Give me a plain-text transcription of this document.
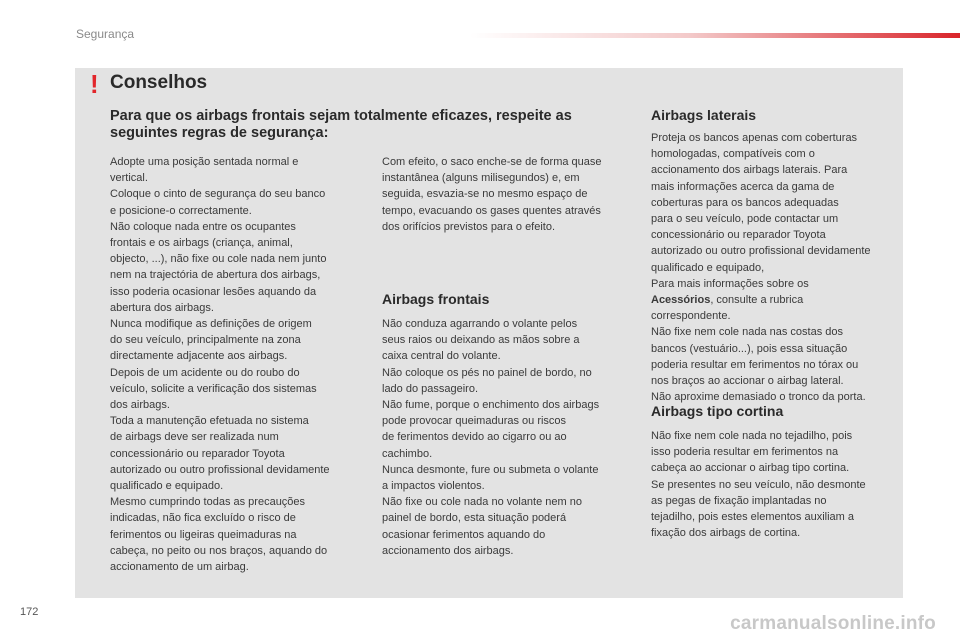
Segurança
! Conselhos
Para que os airbags frontais sejam totalmente eficazes, respeite as seguintes regras de segurança:

Adopte uma posição sentada normal e

vertical.

Coloque o cinto de segurança do seu banco

e posicione-o correctamente.

Não coloque nada entre os ocupantes

frontais e os airbags (criança, animal,

objecto, ...), não fixe ou cole nada nem junto

nem na trajectória de abertura dos airbags,

isso poderia ocasionar lesões aquando da

abertura dos airbags.

Nunca modifique as definições de origem

do seu veículo, principalmente na zona

directamente adjacente aos airbags.

Depois de um acidente ou do roubo do

veículo, solicite a verificação dos sistemas

dos airbags.

Toda a manutenção efetuada no sistema

de airbags deve ser realizada num

concessionário ou reparador Toyota

autorizado ou outro profissional devidamente

qualificado e equipado.

Mesmo cumprindo todas as precauções

indicadas, não fica excluído o risco de

ferimentos ou ligeiras queimaduras na

cabeça, no peito ou nos braços, aquando do

accionamento de um airbag.

Com efeito, o saco enche-se de forma quase

instantânea (alguns milisegundos) e, em

seguida, esvazia-se no mesmo espaço de

tempo, evacuando os gases quentes através

dos orifícios previstos para o efeito.

Airbags frontais

Não conduza agarrando o volante pelos

seus raios ou deixando as mãos sobre a

caixa central do volante.

Não coloque os pés no painel de bordo, no

lado do passageiro.

Não fume, porque o enchimento dos airbags

pode provocar queimaduras ou riscos

de ferimentos devido ao cigarro ou ao

cachimbo.

Nunca desmonte, fure ou submeta o volante

a impactos violentos.

Não fixe ou cole nada no volante nem no

painel de bordo, esta situação poderá

ocasionar ferimentos aquando do

accionamento dos airbags.

Airbags laterais

Proteja os bancos apenas com coberturas

homologadas, compatíveis com o

accionamento dos airbags laterais. Para

mais informações acerca da gama de

coberturas para os bancos adequadas

para o seu veículo, pode contactar um

concessionário ou reparador Toyota

autorizado ou outro profissional devidamente

qualificado e equipado,

Para mais informações sobre os

Acessórios, consulte a rubrica

correspondente.

Não fixe nem cole nada nas costas dos

bancos (vestuário...), pois essa situação

poderia resultar em ferimentos no tórax ou

nos braços ao accionar o airbag lateral.

Não aproxime demasiado o tronco da porta.

Airbags tipo cortina

Não fixe nem cole nada no tejadilho, pois

isso poderia resultar em ferimentos na

cabeça ao accionar o airbag tipo cortina.

Se presentes no seu veículo, não desmonte

as pegas de fixação implantadas no

tejadilho, pois estes elementos auxiliam a

fixação dos airbags de cortina.

172
carmanualsonline.info
